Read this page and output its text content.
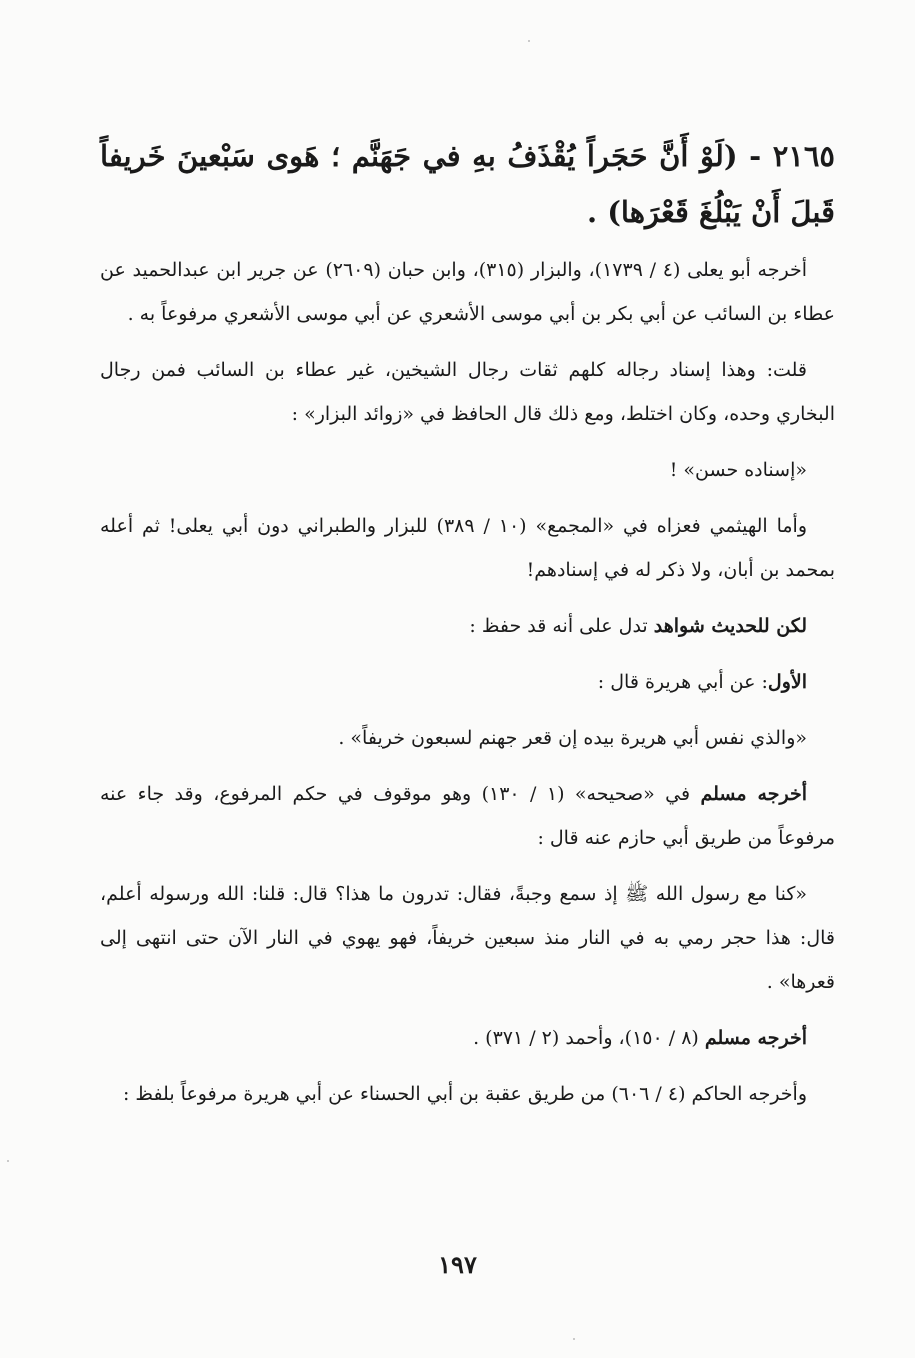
٢١٦٥ - (لَوْ أَنَّ حَجَراً يُقْذَفُ بهِ في جَهَنَّم ؛ هَوى سَبْعينَ خَريفاً قَبلَ أَنْ يَبْلُغَ قَعْرَها) .

أخرجه أبو يعلى (٤ / ١٧٣٩)، والبزار (٣١٥)، وابن حبان (٢٦٠٩) عن جرير ابن عبدالحميد عن عطاء بن السائب عن أبي بكر بن أبي موسى الأشعري عن أبي موسى الأشعري مرفوعاً به .

قلت: وهذا إسناد رجاله كلهم ثقات رجال الشيخين، غير عطاء بن السائب فمن رجال البخاري وحده، وكان اختلط، ومع ذلك قال الحافظ في «زوائد البزار» :

«إسناده حسن» !

وأما الهيثمي فعزاه في «المجمع» (١٠ / ٣٨٩) للبزار والطبراني دون أبي يعلى! ثم أعله بمحمد بن أبان، ولا ذكر له في إسنادهم!

لكن للحديث شواهد تدل على أنه قد حفظ :

الأول: عن أبي هريرة قال :

«والذي نفس أبي هريرة بيده إن قعر جهنم لسبعون خريفاً» .

أخرجه مسلم في «صحيحه» (١ / ١٣٠) وهو موقوف في حكم المرفوع، وقد جاء عنه مرفوعاً من طريق أبي حازم عنه قال :

«كنا مع رسول الله ﷺ إذ سمع وجبةً، فقال: تدرون ما هذا؟ قال: قلنا: الله ورسوله أعلم، قال: هذا حجر رمي به في النار منذ سبعين خريفاً، فهو يهوي في النار الآن حتى انتهى إلى قعرها» .

أخرجه مسلم (٨ / ١٥٠)، وأحمد (٢ / ٣٧١) .

وأخرجه الحاكم (٤ / ٦٠٦) من طريق عقبة بن أبي الحسناء عن أبي هريرة مرفوعاً بلفظ :

١٩٧
